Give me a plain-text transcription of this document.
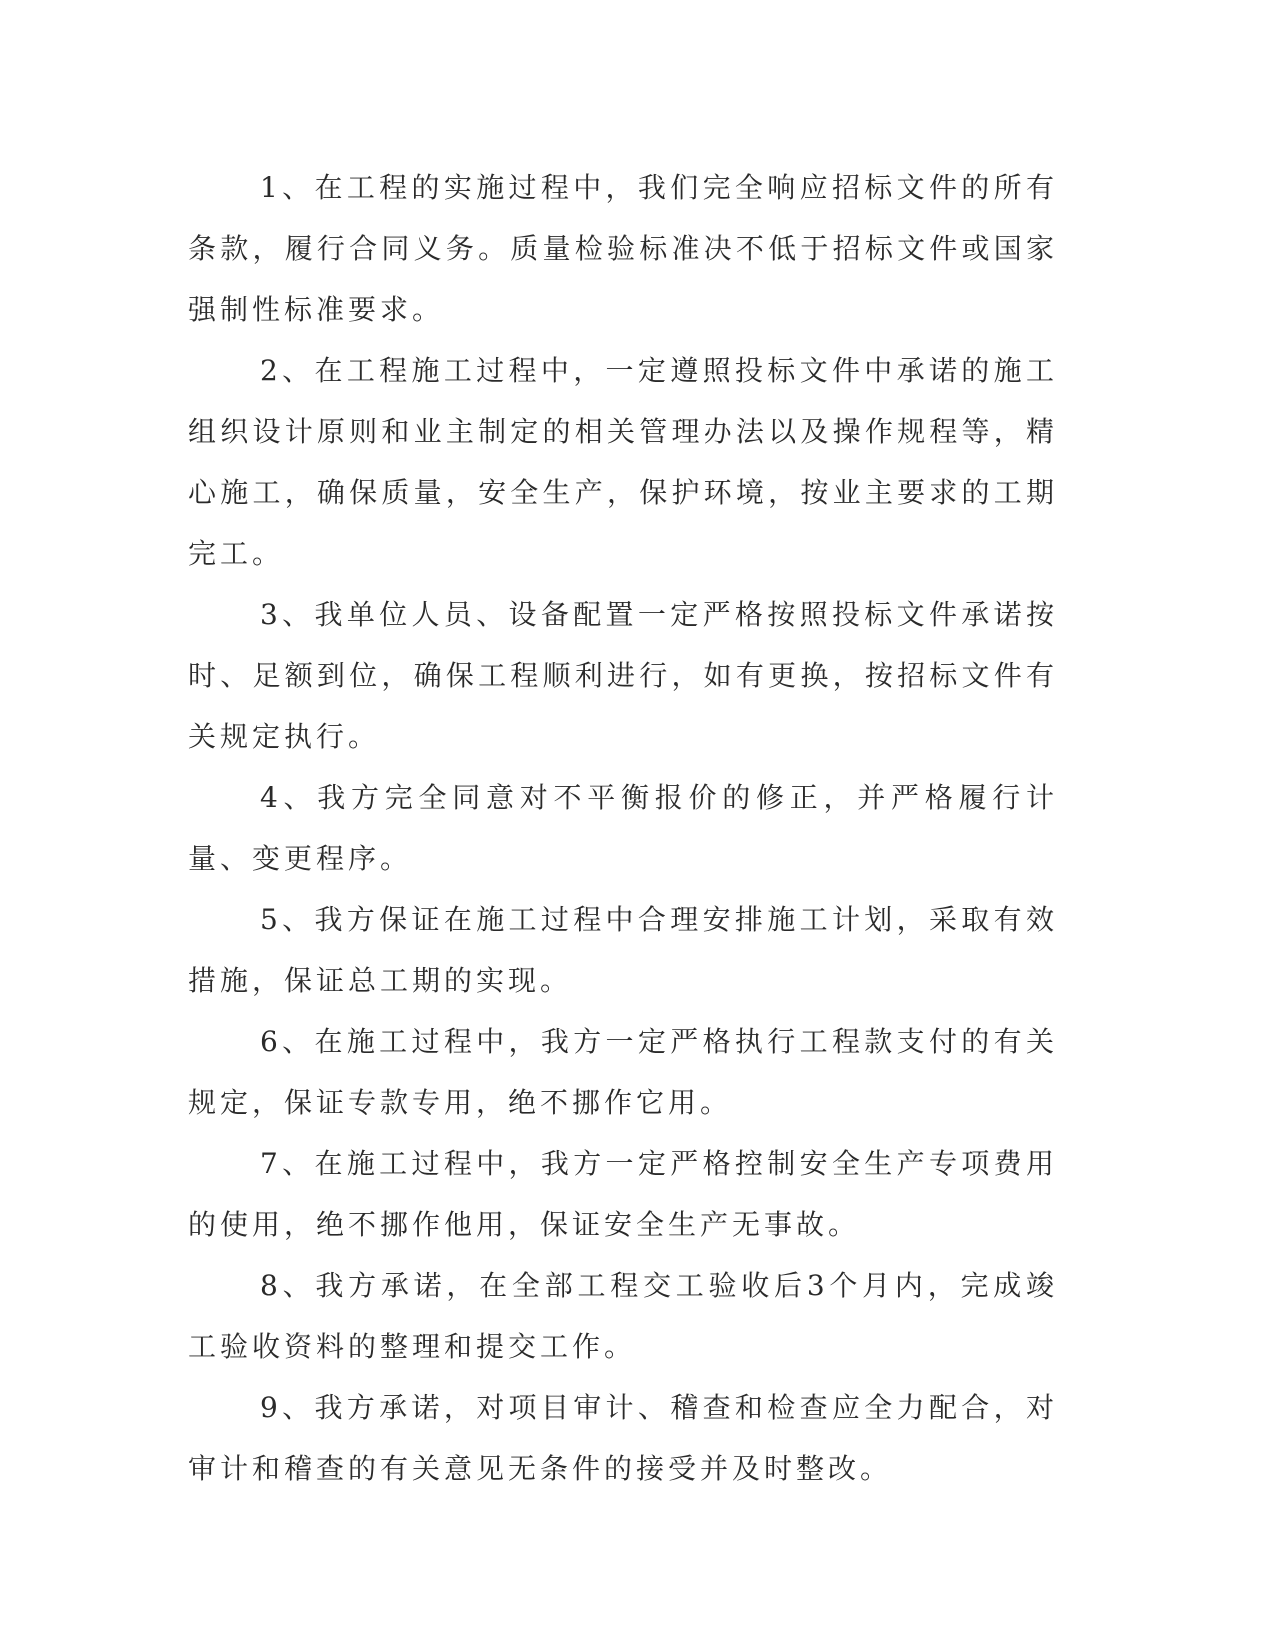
1、在工程的实施过程中，我们完全响应招标文件的所有条款，履行合同义务。质量检验标准决不低于招标文件或国家强制性标准要求。

2、在工程施工过程中，一定遵照投标文件中承诺的施工组织设计原则和业主制定的相关管理办法以及操作规程等，精心施工，确保质量，安全生产，保护环境，按业主要求的工期完工。

3、我单位人员、设备配置一定严格按照投标文件承诺按时、足额到位，确保工程顺利进行，如有更换，按招标文件有关规定执行。

4、我方完全同意对不平衡报价的修正，并严格履行计量、变更程序。

5、我方保证在施工过程中合理安排施工计划，采取有效措施，保证总工期的实现。

6、在施工过程中，我方一定严格执行工程款支付的有关规定，保证专款专用，绝不挪作它用。

7、在施工过程中，我方一定严格控制安全生产专项费用的使用，绝不挪作他用，保证安全生产无事故。

8、我方承诺，在全部工程交工验收后3个月内，完成竣工验收资料的整理和提交工作。

9、我方承诺，对项目审计、稽查和检查应全力配合，对审计和稽查的有关意见无条件的接受并及时整改。
